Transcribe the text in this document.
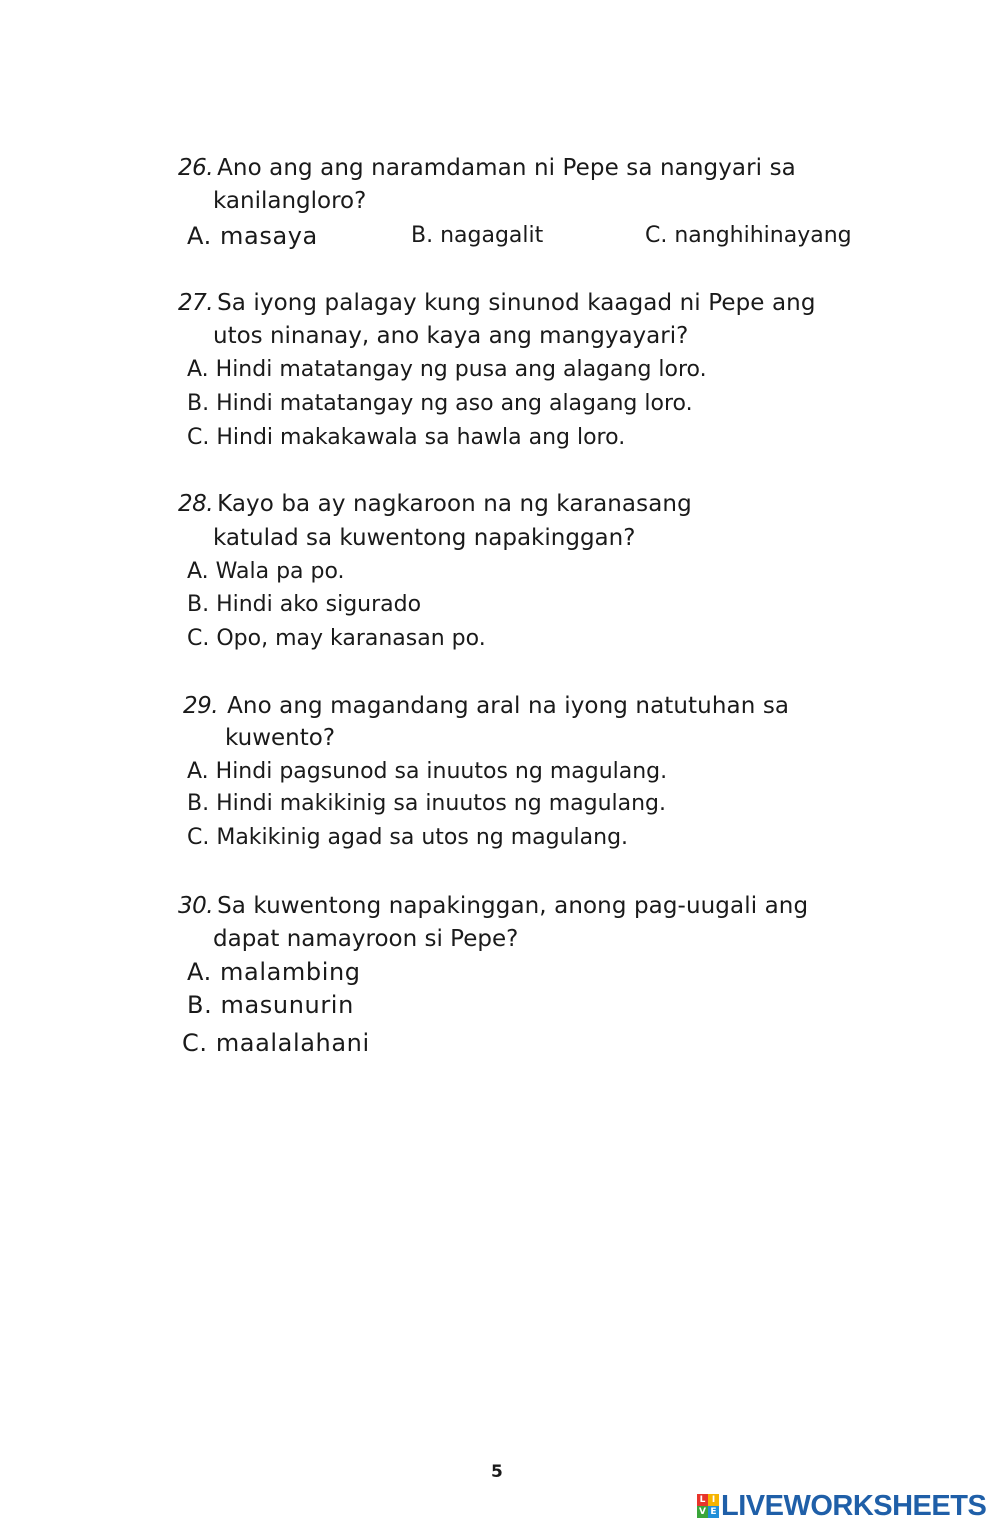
26. Ano ang ang naramdaman ni Pepe sa nangyari sa
kanilangloro?
A. masaya	B. nagagalit	C. nanghihinayang
27. Sa iyong palagay kung sinunod kaagad ni Pepe ang
utos ninanay, ano kaya ang mangyayari?
A. Hindi matatangay ng pusa ang alagang loro.
B. Hindi matatangay ng aso ang alagang loro.
C. Hindi makakawala sa hawla ang loro.
28. Kayo ba ay nagkaroon na ng karanasang
katulad sa kuwentong napakinggan?
A. Wala pa po.
B. Hindi ako sigurado
C. Opo, may karanasan po.
29. Ano ang magandang aral na iyong natutuhan sa
kuwento?
A. Hindi pagsunod sa inuutos ng magulang.
B. Hindi makikinig sa inuutos ng magulang.
C. Makikinig agad sa utos ng magulang.
30. Sa kuwentong napakinggan, anong pag-uugali ang
dapat namayroon si Pepe?
A. malambing
B. masunurin
C. maalalahani
5
L I
V E LIVEWORKSHEETS
